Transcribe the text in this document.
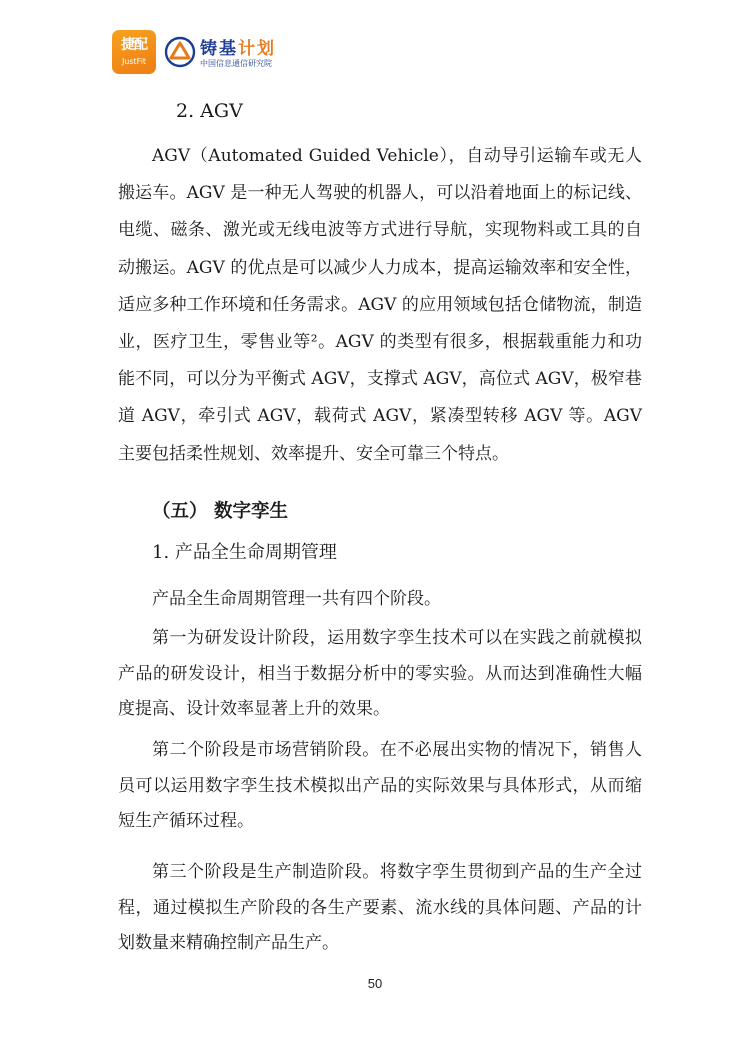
捷配
JustFit
铸基计划
中国信息通信研究院
2. AGV

AGV（Automated Guided Vehicle），自动导引运输车或无人搬运车。AGV 是一种无人驾驶的机器人，可以沿着地面上的标记线、电缆、磁条、激光或无线电波等方式进行导航，实现物料或工具的自动搬运。AGV 的优点是可以减少人力成本，提高运输效率和安全性，适应多种工作环境和任务需求。AGV 的应用领域包括仓储物流，制造业，医疗卫生，零售业等²。AGV 的类型有很多，根据载重能力和功能不同，可以分为平衡式 AGV，支撑式 AGV，高位式 AGV，极窄巷道 AGV，牵引式 AGV，载荷式 AGV，紧凑型转移 AGV 等。AGV 主要包括柔性规划、效率提升、安全可靠三个特点。

（五） 数字孪生
1. 产品全生命周期管理

产品全生命周期管理一共有四个阶段。

第一为研发设计阶段，运用数字孪生技术可以在实践之前就模拟产品的研发设计，相当于数据分析中的零实验。从而达到准确性大幅度提高、设计效率显著上升的效果。

第二个阶段是市场营销阶段。在不必展出实物的情况下，销售人员可以运用数字孪生技术模拟出产品的实际效果与具体形式，从而缩短生产循环过程。

第三个阶段是生产制造阶段。将数字孪生贯彻到产品的生产全过程，通过模拟生产阶段的各生产要素、流水线的具体问题、产品的计划数量来精确控制产品生产。

50
